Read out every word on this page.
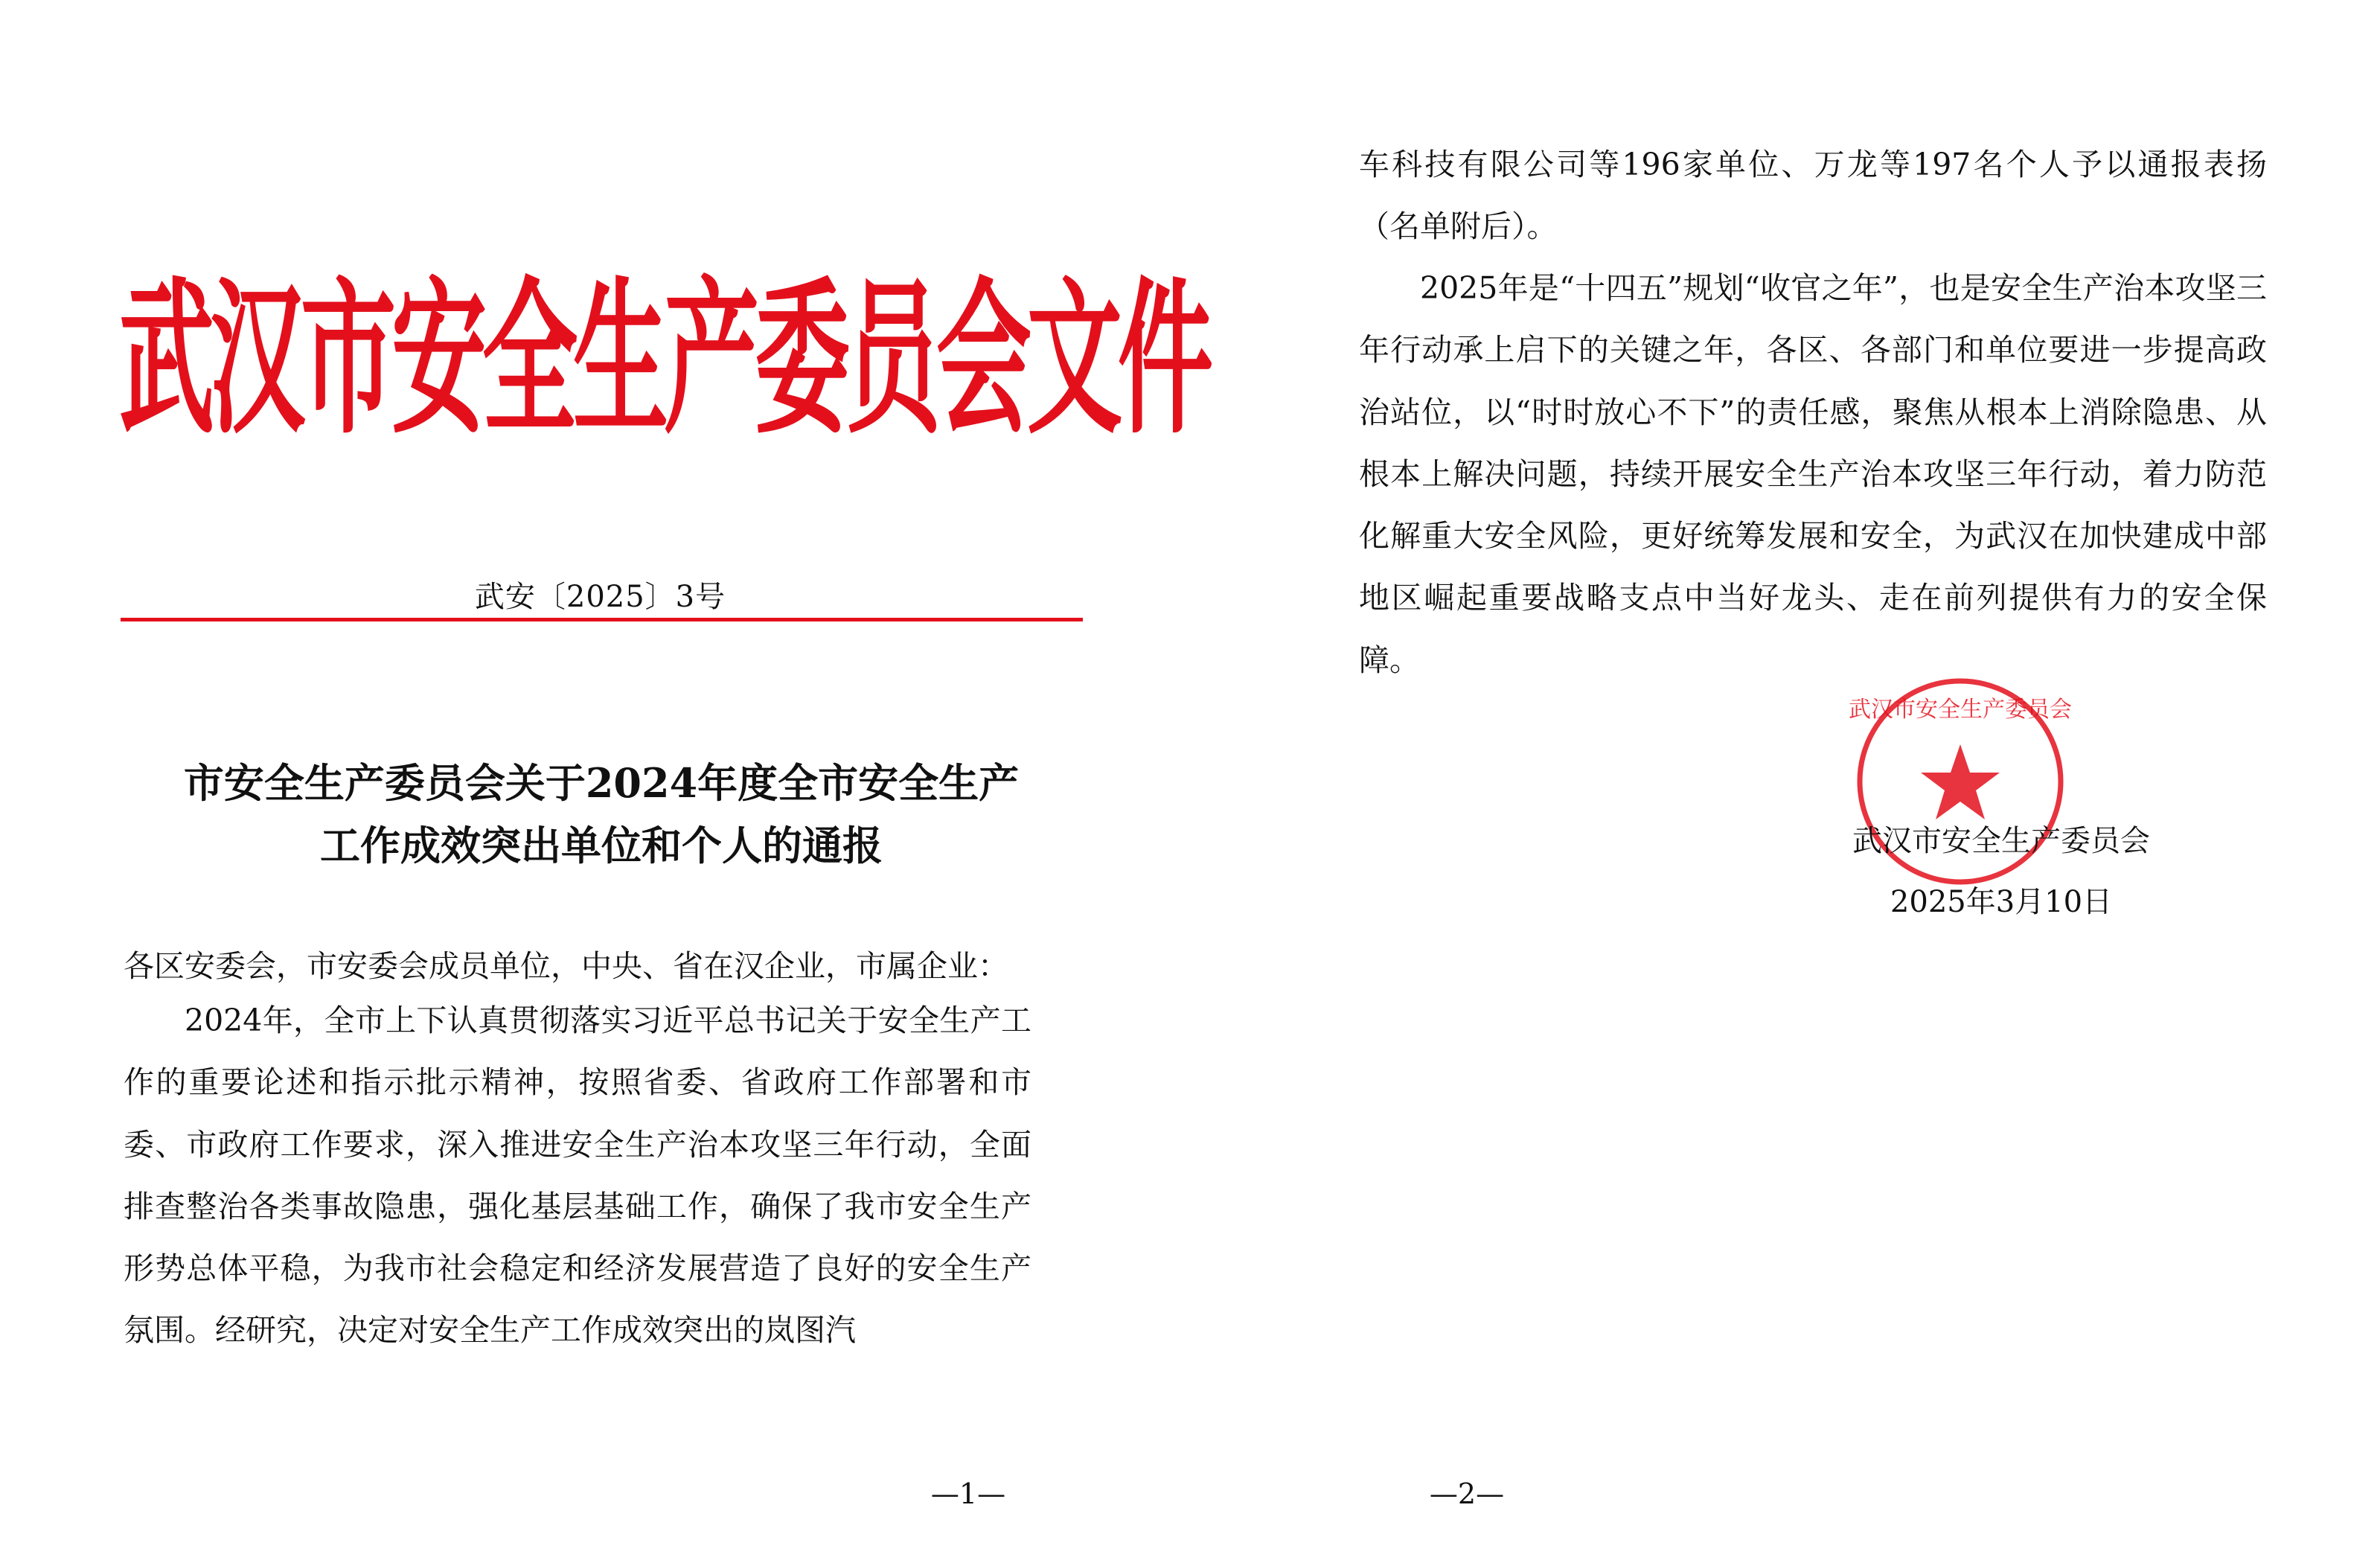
武汉市安全生产委员会文件
武安〔2025〕3号
市安全生产委员会关于2024年度全市安全生产
工作成效突出单位和个人的通报
各区安委会，市安委会成员单位，中央、省在汉企业，市属企业：
2024年，全市上下认真贯彻落实习近平总书记关于安全生产工作的重要论述和指示批示精神，按照省委、省政府工作部署和市委、市政府工作要求，深入推进安全生产治本攻坚三年行动，全面排查整治各类事故隐患，强化基层基础工作，确保了我市安全生产形势总体平稳，为我市社会稳定和经济发展营造了良好的安全生产氛围。经研究，决定对安全生产工作成效突出的岚图汽
—1—
车科技有限公司等196家单位、万龙等197名个人予以通报表扬（名单附后）。
2025年是“十四五”规划“收官之年”，也是安全生产治本攻坚三年行动承上启下的关键之年，各区、各部门和单位要进一步提高政治站位，以“时时放心不下”的责任感，聚焦从根本上消除隐患、从根本上解决问题，持续开展安全生产治本攻坚三年行动，着力防范化解重大安全风险，更好统筹发展和安全，为武汉在加快建成中部地区崛起重要战略支点中当好龙头、走在前列提供有力的安全保障。
武汉市安全生产委员会
武汉市安全生产委员会
2025年3月10日
—2—
